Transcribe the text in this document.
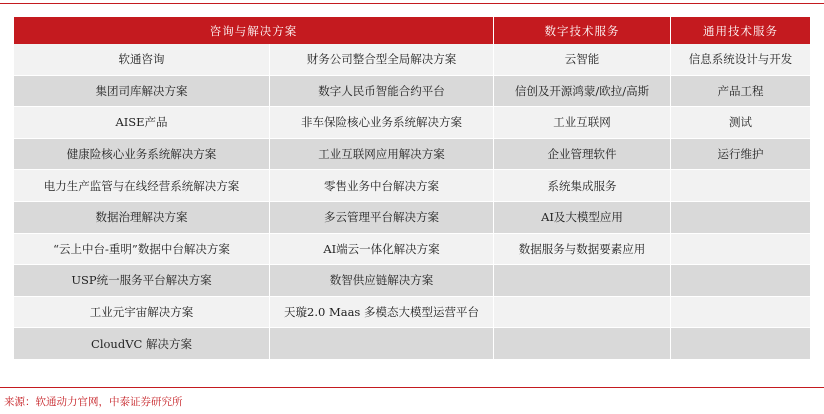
咨询与解决方案		数字技术服务	通用技术服务
软通咨询	财务公司整合型全局解决方案	云智能	信息系统设计与开发
集团司库解决方案	数字人民币智能合约平台	信创及开源鸿蒙/欧拉/高斯	产品工程
AISE产品	非车保险核心业务系统解决方案	工业互联网	测试
健康险核心业务系统解决方案	工业互联网应用解决方案	企业管理软件	运行维护
电力生产监管与在线经营系统解决方案	零售业务中台解决方案	系统集成服务	
数据治理解决方案	多云管理平台解决方案	AI及大模型应用	
“云上中台-重明”数据中台解决方案	AI端云一体化解决方案	数据服务与数据要素应用	
USP统一服务平台解决方案	数智供应链解决方案		
工业元宇宙解决方案	天璇2.0 Maas 多模态大模型运营平台		
CloudVC 解决方案			
来源：软通动力官网，中泰证券研究所
